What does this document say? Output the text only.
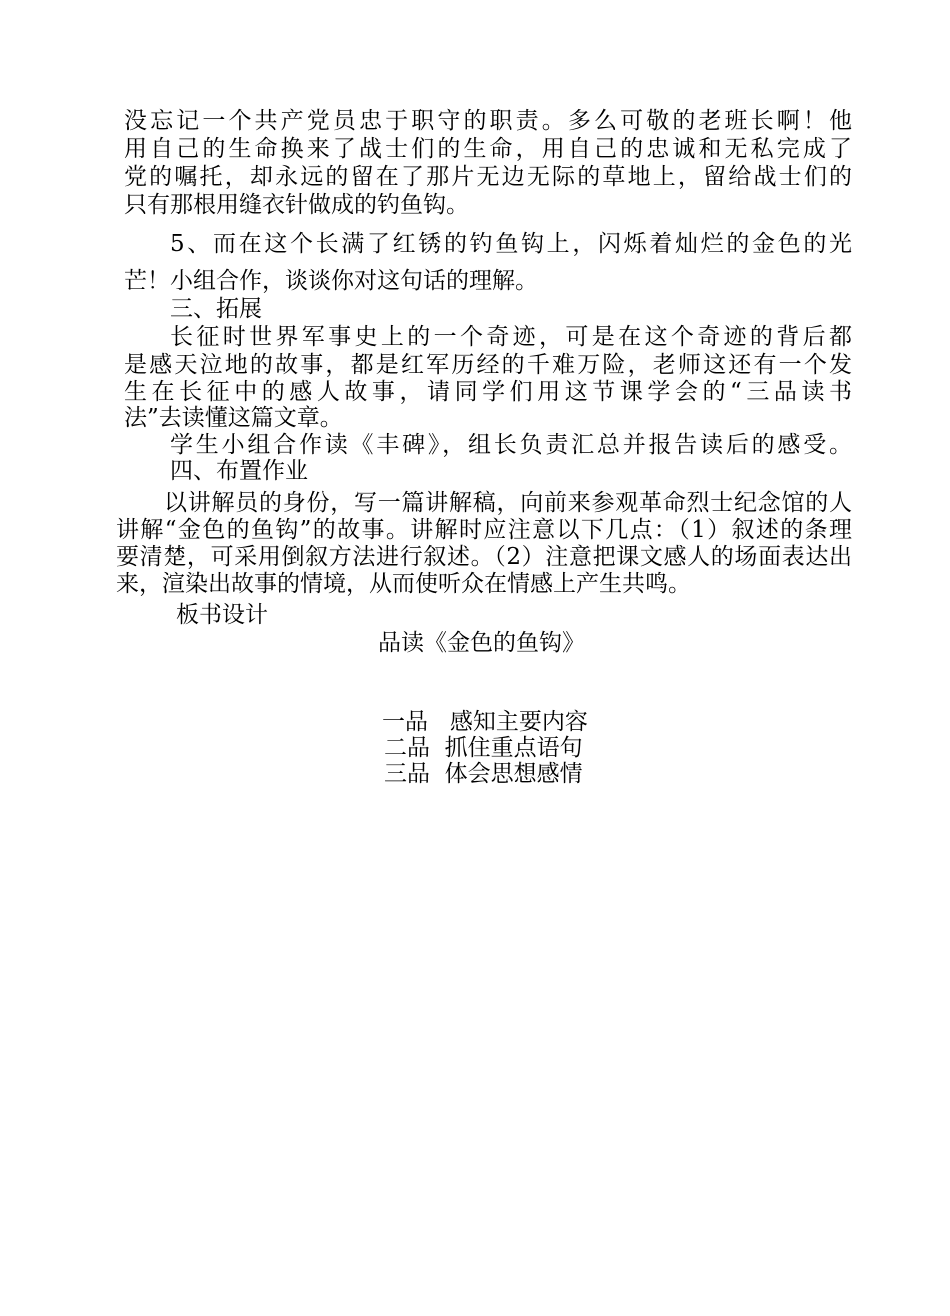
没忘记一个共产党员忠于职守的职责。多么可敬的老班长啊！他
用自己的生命换来了战士们的生命，用自己的忠诚和无私完成了
党的嘱托，却永远的留在了那片无边无际的草地上，留给战士们的
只有那根用缝衣针做成的钓鱼钩。
5、而在这个长满了红锈的钓鱼钩上，闪烁着灿烂的金色的光
芒！小组合作，谈谈你对这句话的理解。
三、拓展
长征时世界军事史上的一个奇迹，可是在这个奇迹的背后都
是感天泣地的故事，都是红军历经的千难万险，老师这还有一个发
生在长征中的感人故事，请同学们用这节课学会的“三品读书
法”去读懂这篇文章。
学生小组合作读《丰碑》，组长负责汇总并报告读后的感受。
四、布置作业
以讲解员的身份，写一篇讲解稿，向前来参观革命烈士纪念馆的人
讲解“金色的鱼钩”的故事。讲解时应注意以下几点：（1）叙述的条理
要清楚，可采用倒叙方法进行叙述。（2）注意把课文感人的场面表达出
来，渲染出故事的情境，从而使听众在情感上产生共鸣。
板书设计
品读《金色的鱼钩》
一品   感知主要内容
二品  抓住重点语句
三品  体会思想感情
